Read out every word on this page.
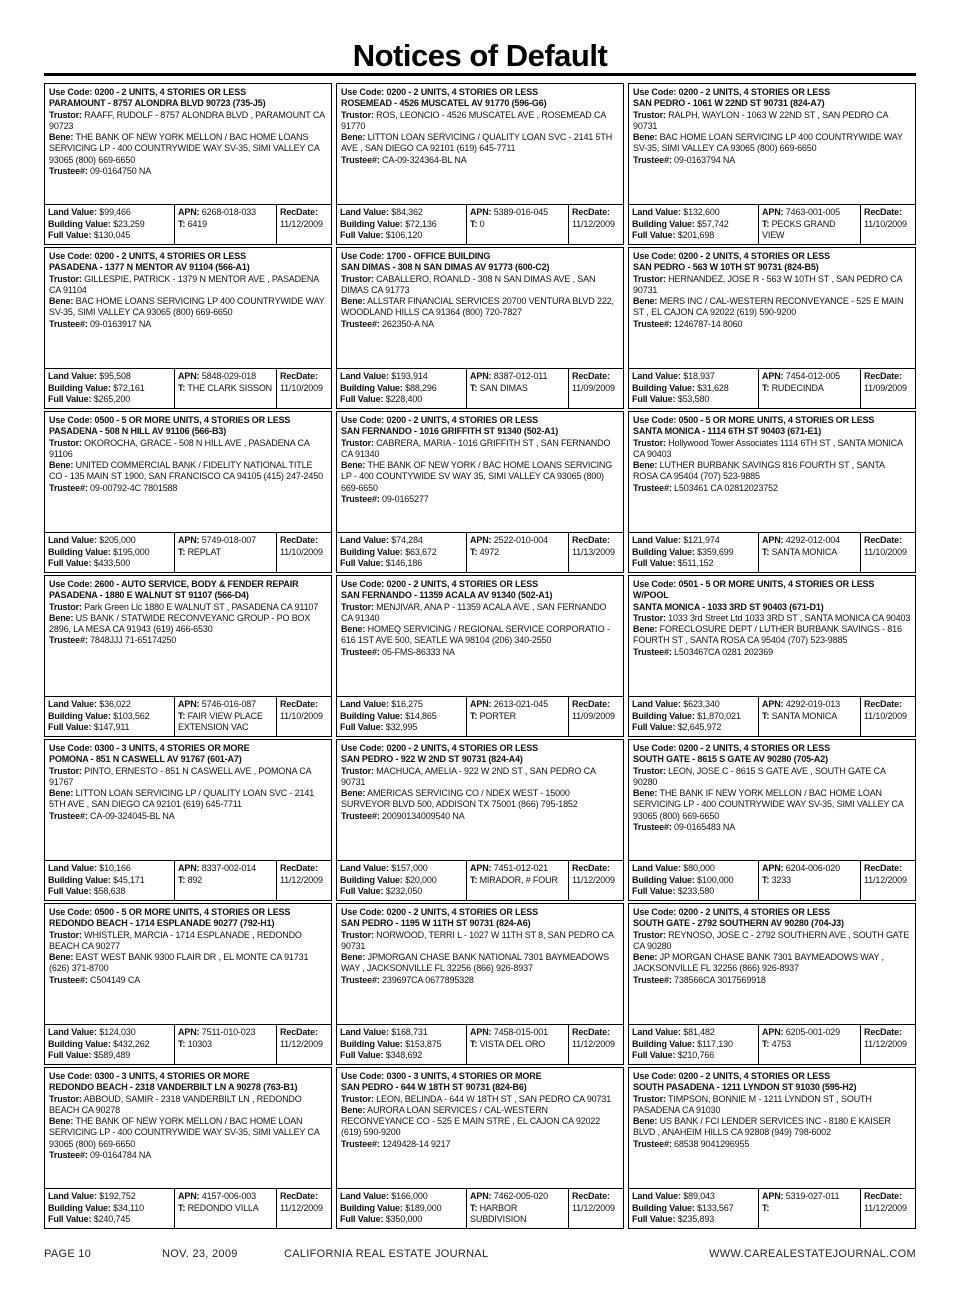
Notices of Default
Use Code: 0200 - 2 UNITS, 4 STORIES OR LESS
PARAMOUNT - 8757 ALONDRA BLVD 90723 (735-J5)
Trustor: RAAFF, RUDOLF - 8757 ALONDRA BLVD , PARAMOUNT CA 90723
Bene: THE BANK OF NEW YORK MELLON / BAC HOME LOANS SERVICING LP - 400 COUNTRYWIDE WAY SV-35, SIMI VALLEY CA 93065 (800) 669-6650
Trustee#: 09-0164750 NA
Land Value: $99,466
Building Value: $23,259
Full Value: $130,045
APN: 6268-018-033
T: 6419
RecDate:
11/12/2009
Use Code: 0200 - 2 UNITS, 4 STORIES OR LESS
PASADENA - 1377 N MENTOR AV 91104 (566-A1)
Trustor: GILLESPIE, PATRICK - 1379 N MENTOR AVE , PASADENA CA 91104
Bene: BAC HOME LOANS SERVICING LP 400 COUNTRYWIDE WAY SV-35, SIMI VALLEY CA 93065 (800) 669-6650
Trustee#: 09-0163917 NA
Land Value: $95,508
Building Value: $72,161
Full Value: $265,200
APN: 5848-029-018
T: THE CLARK SISSON
RecDate:
11/10/2009
Use Code: 0500 - 5 OR MORE UNITS, 4 STORIES OR LESS
PASADENA - 508 N HILL AV 91106 (566-B3)
Trustor: OKOROCHA, GRACE - 508 N HILL AVE , PASADENA CA 91106
Bene: UNITED COMMERCIAL BANK / FIDELITY NATIONAL TITLE CO - 135 MAIN ST 1900, SAN FRANCISCO CA 94105 (415) 247-2450
Trustee#: 09-00792-4C 7801588
Land Value: $205,000
Building Value: $195,000
Full Value: $433,500
APN: 5749-018-007
T: REPLAT
RecDate:
11/10/2009
Use Code: 2600 - AUTO SERVICE, BODY & FENDER REPAIR
PASADENA - 1880 E WALNUT ST 91107 (566-D4)
Trustor: Park Green Llc 1880 E WALNUT ST , PASADENA CA 91107
Bene: US BANK / STATWIDE RECONVEYANC GROUP - PO BOX 2896, LA MESA CA 91943 (619) 466-6530
Trustee#: 7848JJJ 71-65174250
Land Value: $36,022
Building Value: $103,562
Full Value: $147,911
APN: 5746-016-087
T: FAIR VIEW PLACE EXTENSION VAC
RecDate:
11/10/2009
Use Code: 0300 - 3 UNITS, 4 STORIES OR MORE
POMONA - 851 N CASWELL AV 91767 (601-A7)
Trustor: PINTO, ERNESTO - 851 N CASWELL AVE , POMONA CA 91767
Bene: LITTON LOAN SERVICING LP / QUALITY LOAN SVC - 2141 5TH AVE , SAN DIEGO CA 92101 (619) 645-7711
Trustee#: CA-09-324045-BL NA
Land Value: $10,166
Building Value: $45,171
Full Value: $58,638
APN: 8337-002-014
T: 892
RecDate:
11/12/2009
Use Code: 0500 - 5 OR MORE UNITS, 4 STORIES OR LESS
REDONDO BEACH - 1714 ESPLANADE 90277 (792-H1)
Trustor: WHISTLER, MARCIA - 1714 ESPLANADE , REDONDO BEACH CA 90277
Bene: EAST WEST BANK 9300 FLAIR DR , EL MONTE CA 91731 (626) 371-8700
Trustee#: C504149 CA
Land Value: $124,030
Building Value: $432,262
Full Value: $589,489
APN: 7511-010-023
T: 10303
RecDate:
11/12/2009
Use Code: 0300 - 3 UNITS, 4 STORIES OR MORE
REDONDO BEACH - 2318 VANDERBILT LN A 90278 (763-B1)
Trustor: ABBOUD, SAMIR - 2318 VANDERBILT LN , REDONDO BEACH CA 90278
Bene: THE BANK OF NEW YORK MELLON / BAC HOME LOAN SERVICING LP - 400 COUNTRYWIDE WAY SV-35, SIMI VALLEY CA 93065 (800) 669-6650
Trustee#: 09-0164784 NA
Land Value: $192,752
Building Value: $34,110
Full Value: $240,745
APN: 4157-006-003
T: REDONDO VILLA
RecDate:
11/12/2009
Use Code: 0200 - 2 UNITS, 4 STORIES OR LESS
ROSEMEAD - 4526 MUSCATEL AV 91770 (596-G6)
Trustor: ROS, LEONCIO - 4526 MUSCATEL AVE , ROSEMEAD CA 91770
Bene: LITTON LOAN SERVICING / QUALITY LOAN SVC - 2141 5TH AVE , SAN DIEGO CA 92101 (619) 645-7711
Trustee#: CA-09-324364-BL NA
Land Value: $84,362
Building Value: $72,136
Full Value: $106,120
APN: 5389-016-045
T: 0
RecDate:
11/12/2009
Use Code: 1700 - OFFICE BUILDING
SAN DIMAS - 308 N SAN DIMAS AV 91773 (600-C2)
Trustor: CABALLERO, ROANLD - 308 N SAN DIMAS AVE , SAN DIMAS CA 91773
Bene: ALLSTAR FINANCIAL SERVICES 20700 VENTURA BLVD 222, WOODLAND HILLS CA 91364 (800) 720-7827
Trustee#: 262350-A NA
Land Value: $193,914
Building Value: $88,296
Full Value: $228,400
APN: 8387-012-011
T: SAN DIMAS
RecDate:
11/09/2009
Use Code: 0200 - 2 UNITS, 4 STORIES OR LESS
SAN FERNANDO - 1016 GRIFFITH ST 91340 (502-A1)
Trustor: CABRERA, MARIA - 1016 GRIFFITH ST , SAN FERNANDO CA 91340
Bene: THE BANK OF NEW YORK / BAC HOME LOANS SERVICING LP - 400 COUNTYWIDE SV WAY 35, SIMI VALLEY CA 93065 (800) 669-6650
Trustee#: 09-0165277
Land Value: $74,284
Building Value: $63,672
Full Value: $146,186
APN: 2522-010-004
T: 4972
RecDate:
11/13/2009
Use Code: 0200 - 2 UNITS, 4 STORIES OR LESS
SAN FERNANDO - 11359 ACALA AV 91340 (502-A1)
Trustor: MENJIVAR, ANA P - 11359 ACALA AVE , SAN FERNANDO CA 91340
Bene: HOMEQ SERVICING / REGIONAL SERVICE CORPORATIO - 616 1ST AVE 500, SEATLE WA 98104 (206) 340-2550
Trustee#: 05-FMS-86333 NA
Land Value: $16,275
Building Value: $14,865
Full Value: $32,995
APN: 2613-021-045
T: PORTER
RecDate:
11/09/2009
Use Code: 0200 - 2 UNITS, 4 STORIES OR LESS
SAN PEDRO - 922 W 2ND ST 90731 (824-A4)
Trustor: MACHUCA, AMELIA - 922 W 2ND ST , SAN PEDRO CA 90731
Bene: AMERICAS SERVICING CO / NDEX WEST - 15000 SURVEYOR BLVD 500, ADDISON TX 75001 (866) 795-1852
Trustee#: 20090134009540 NA
Land Value: $157,000
Building Value: $20,000
Full Value: $232,050
APN: 7451-012-021
T: MIRADOR, # FOUR
RecDate:
11/12/2009
Use Code: 0200 - 2 UNITS, 4 STORIES OR LESS
SAN PEDRO - 1195 W 11TH ST 90731 (824-A6)
Trustor: NORWOOD, TERRI L - 1027 W 11TH ST 8, SAN PEDRO CA 90731
Bene: JPMORGAN CHASE BANK NATIONAL 7301 BAYMEADOWS WAY , JACKSONVILLE FL 32256 (866) 926-8937
Trustee#: 239697CA 0677895328
Land Value: $168,731
Building Value: $153,875
Full Value: $348,692
APN: 7458-015-001
T: VISTA DEL ORO
RecDate:
11/12/2009
Use Code: 0300 - 3 UNITS, 4 STORIES OR MORE
SAN PEDRO - 644 W 18TH ST 90731 (824-B6)
Trustor: LEON, BELINDA - 644 W 18TH ST , SAN PEDRO CA 90731
Bene: AURORA LOAN SERVICES / CAL-WESTERN RECONVEYANCE CO - 525 E MAIN STRE , EL CAJON CA 92022 (619) 590-9200
Trustee#: 1249428-14 9217
Land Value: $166,000
Building Value: $189,000
Full Value: $350,000
APN: 7462-005-020
T: HARBOR SUBDIVISION
RecDate:
11/12/2009
Use Code: 0200 - 2 UNITS, 4 STORIES OR LESS
SAN PEDRO - 1061 W 22ND ST 90731 (824-A7)
Trustor: RALPH, WAYLON - 1063 W 22ND ST , SAN PEDRO CA 90731
Bene: BAC HOME LOAN SERVICING LP 400 COUNTRYWIDE WAY SV-35, SIMI VALLEY CA 93065 (800) 669-6650
Trustee#: 09-0163794 NA
Land Value: $132,600
Building Value: $57,742
Full Value: $201,698
APN: 7463-001-005
T: PECKS GRAND VIEW
RecDate:
11/10/2009
Use Code: 0200 - 2 UNITS, 4 STORIES OR LESS
SAN PEDRO - 563 W 10TH ST 90731 (824-B5)
Trustor: HERNANDEZ, JOSE R - 563 W 10TH ST , SAN PEDRO CA 90731
Bene: MERS INC / CAL-WESTERN RECONVEYANCE - 525 E MAIN ST , EL CAJON CA 92022 (619) 590-9200
Trustee#: 1246787-14 8060
Land Value: $18,937
Building Value: $31,628
Full Value: $53,580
APN: 7454-012-005
T: RUDECINDA
RecDate:
11/09/2009
Use Code: 0500 - 5 OR MORE UNITS, 4 STORIES OR LESS
SANTA MONICA - 1114 6TH ST 90403 (671-E1)
Trustor: Hollywood Tower Associates 1114 6TH ST , SANTA MONICA CA 90403
Bene: LUTHER BURBANK SAVINGS 816 FOURTH ST , SANTA ROSA CA 95404 (707) 523-9885
Trustee#: L503461 CA 02812023752
Land Value: $121,974
Building Value: $359,699
Full Value: $511,152
APN: 4292-012-004
T: SANTA MONICA
RecDate:
11/10/2009
Use Code: 0501 - 5 OR MORE UNITS, 4 STORIES OR LESS W/POOL
SANTA MONICA - 1033 3RD ST 90403 (671-D1)
Trustor: 1033 3rd Street Ltd 1033 3RD ST , SANTA MONICA CA 90403
Bene: FORECLOSURE DEPT / LUTHER BURBANK SAVINGS - 816 FOURTH ST , SANTA ROSA CA 95404 (707) 523-9885
Trustee#: L503467CA 0281 202369
Land Value: $623,340
Building Value: $1,870,021
Full Value: $2,645,972
APN: 4292-019-013
T: SANTA MONICA
RecDate:
11/10/2009
Use Code: 0200 - 2 UNITS, 4 STORIES OR LESS
SOUTH GATE - 8615 S GATE AV 90280 (705-A2)
Trustor: LEON, JOSE C - 8615 S GATE AVE , SOUTH GATE CA 90280
Bene: THE BANK IF NEW YORK MELLON / BAC HOME LOAN SERVICING LP - 400 COUNTRYWIDE WAY SV-35, SIMI VALLEY CA 93065 (800) 669-6650
Trustee#: 09-0165483 NA
Land Value: $80,000
Building Value: $100,000
Full Value: $233,580
APN: 6204-006-020
T: 3233
RecDate:
11/12/2009
Use Code: 0200 - 2 UNITS, 4 STORIES OR LESS
SOUTH GATE - 2792 SOUTHERN AV 90280 (704-J3)
Trustor: REYNOSO, JOSE C - 2792 SOUTHERN AVE , SOUTH GATE CA 90280
Bene: JP MORGAN CHASE BANK 7301 BAYMEADOWS WAY , JACKSONVILLE FL 32256 (866) 926-8937
Trustee#: 738566CA 3017569918
Land Value: $81,482
Building Value: $117,130
Full Value: $210,766
APN: 6205-001-029
T: 4753
RecDate:
11/12/2009
Use Code: 0200 - 2 UNITS, 4 STORIES OR LESS
SOUTH PASADENA - 1211 LYNDON ST 91030 (595-H2)
Trustor: TIMPSON, BONNIE M - 1211 LYNDON ST , SOUTH PASADENA CA 91030
Bene: US BANK / FCI LENDER SERVICES INC - 8180 E KAISER BLVD , ANAHEIM HILLS CA 92808 (949) 798-6002
Trustee#: 68538 9041296955
Land Value: $89,043
Building Value: $133,567
Full Value: $235,893
APN: 5319-027-011
T:
RecDate:
11/12/2009
PAGE 10	NOV. 23, 2009	CALIFORNIA REAL ESTATE JOURNAL	WWW.CAREALESTATEJOURNAL.COM
